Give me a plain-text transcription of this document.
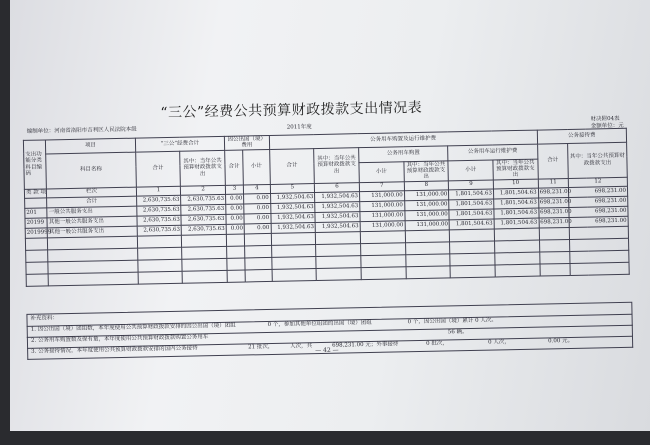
“三公”经费公共预算财政拨款支出情况表
编制单位：河南省洛阳市吉利区人民法院本级	2011年度
财决附04表
金额单位：元
支出功能分类科目编码	项目	“三公”经费合计		因公出国（境）费用		公务用车购置及运行维护费						公务接待费	
	科目名称	合计	其中：当年公共预算财政拨款支出	合计	小计	合计	其中：当年公共预算财政拨款支出	公务用车购置		公务用车运行维护费		合计	其中：当年公共预算财政拨款支出
								小计	其中：当年公共预算财政拨款支出	小计	其中：当年公共预算财政拨款支出		
类 款 项	栏次	1	2	3	4	5	6	7	8	9	10	11	12
	合计	2,630,735.63	2,630,735.63	0.00	0.00	1,932,504.63	1,932,504.63	131,000.00	131,000.00	1,801,504.63	1,801,504.63	698,231.00	698,231.00
201	一般公共服务支出	2,630,735.63	2,630,735.63	0.00	0.00	1,932,504.63	1,932,504.63	131,000.00	131,000.00	1,801,504.63	1,801,504.63	698,231.00	698,231.00
20199	其他一般公共服务支出	2,630,735.63	2,630,735.63	0.00	0.00	1,932,504.63	1,932,504.63	131,000.00	131,000.00	1,801,504.63	1,801,504.63	698,231.00	698,231.00
2019999	其他一般公共服务支出	2,630,735.63	2,630,735.63	0.00	0.00	1,932,504.63	1,932,504.63	131,000.00	131,000.00	1,801,504.63	1,801,504.63	698,231.00	698,231.00

补充资料：
1. 因公出国（境）团组数，本年度使用公共预算财政拨款安排的因公出国（境）团组	0 个，参加其他单位组团的出国（境）团组	0 个，因公出国（境）累计 0 人次。
2. 公务用车购置数及保有量，本年度使用公共预算财政拨款购置公务用车
56 辆。
3. 公务接待情况，本年度使用公共预算财政拨款安排的国内公务接待	21 批次，	人次，共	698,231.00 元；外事接待	0 批次，	0 人次，	0.00 元。
— 42 —
